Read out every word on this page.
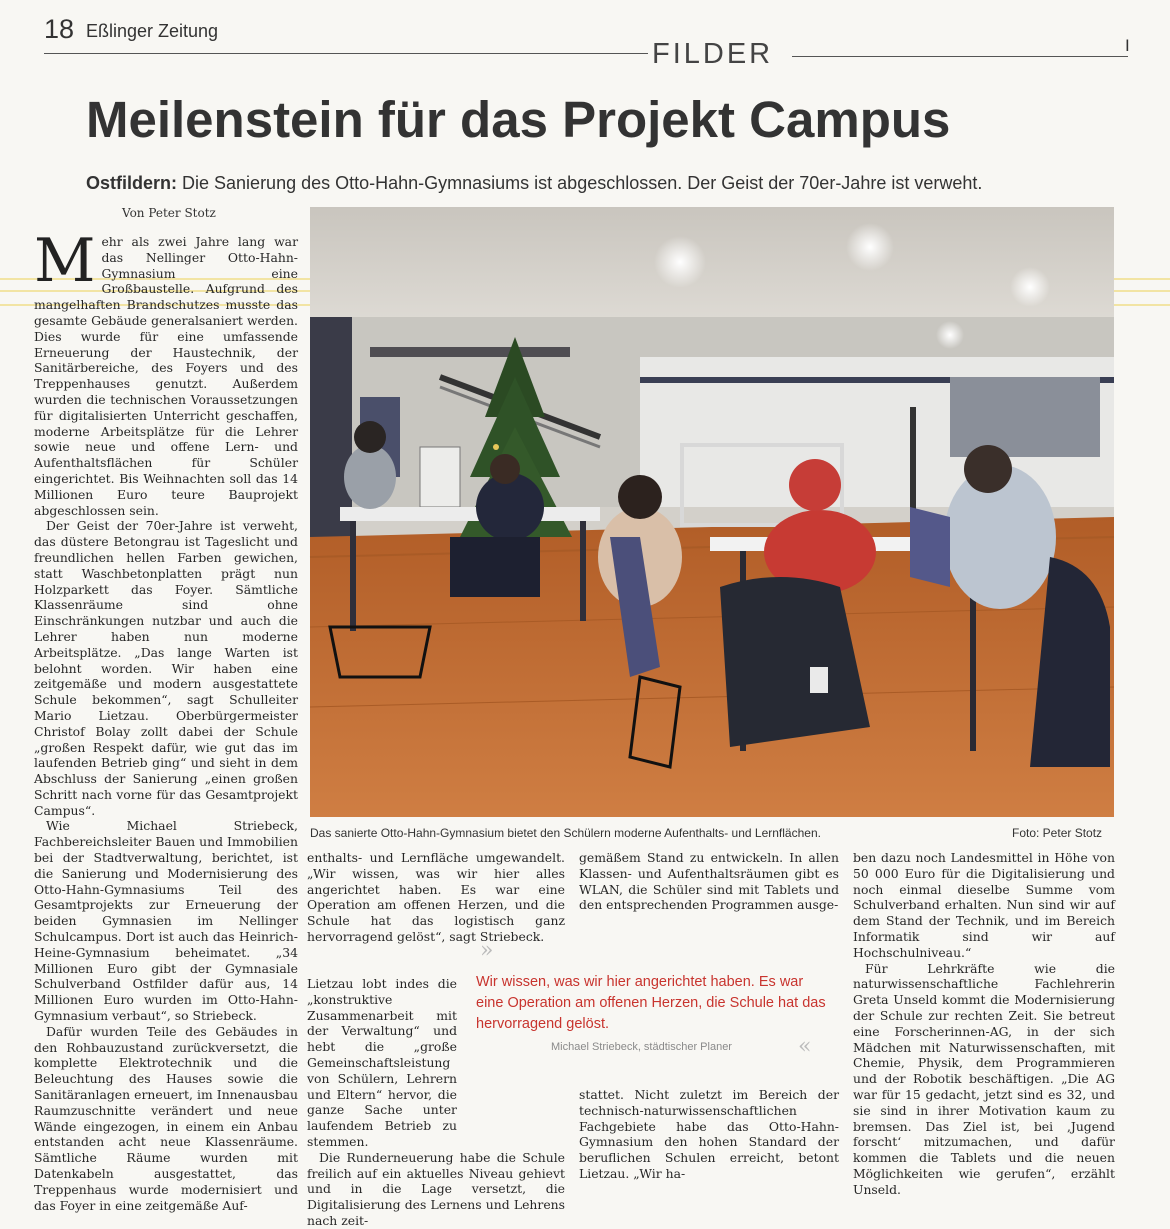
18 Eßlinger Zeitung
FILDER	I
Meilenstein für das Projekt Campus
Ostfildern: Die Sanierung des Otto-Hahn-Gymnasiums ist abgeschlossen. Der Geist der 70er-Jahre ist verweht.
Von Peter Stotz

Mehr als zwei Jahre lang war das Nellinger Otto-Hahn-Gymnasium eine Großbaustelle. Aufgrund des mangelhaften Brandschutzes musste das gesamte Gebäude generalsaniert werden. Dies wurde für eine umfassende Erneuerung der Haustechnik, der Sanitärbereiche, des Foyers und des Treppenhauses genutzt. Außerdem wurden die technischen Voraussetzungen für digitalisierten Unterricht geschaffen, moderne Arbeitsplätze für die Lehrer sowie neue und offene Lern- und Aufenthaltsflächen für Schüler eingerichtet. Bis Weihnachten soll das 14 Millionen Euro teure Bauprojekt abgeschlossen sein.

Der Geist der 70er-Jahre ist verweht, das düstere Betongrau ist Tageslicht und freundlichen hellen Farben gewichen, statt Waschbetonplatten prägt nun Holzparkett das Foyer. Sämtliche Klassenräume sind ohne Einschränkungen nutzbar und auch die Lehrer haben nun moderne Arbeitsplätze. „Das lange Warten ist belohnt worden. Wir haben eine zeitgemäße und modern ausgestattete Schule bekommen“, sagt Schulleiter Mario Lietzau. Oberbürgermeister Christof Bolay zollt dabei der Schule „großen Respekt dafür, wie gut das im laufenden Betrieb ging“ und sieht in dem Abschluss der Sanierung „einen großen Schritt nach vorne für das Gesamtprojekt Campus“.

Wie Michael Striebeck, Fachbereichsleiter Bauen und Immobilien bei der Stadtverwaltung, berichtet, ist die Sanierung und Modernisierung des Otto-Hahn-Gymnasiums Teil des Gesamtprojekts zur Erneuerung der beiden Gymnasien im Nellinger Schulcampus. Dort ist auch das Heinrich-Heine-Gymnasium beheimatet. „34 Millionen Euro gibt der Gymnasiale Schulverband Ostfilder dafür aus, 14 Millionen Euro wurden im Otto-Hahn-Gymnasium verbaut“, so Striebeck.

Dafür wurden Teile des Gebäudes in den Rohbauzustand zurückversetzt, die komplette Elektrotechnik und die Beleuchtung des Hauses sowie die Sanitäranlagen erneuert, im Innenausbau Raumzuschnitte verändert und neue Wände eingezogen, in einem ein Anbau entstanden acht neue Klassenräume. Sämtliche Räume wurden mit Datenkabeln ausgestattet, das Treppenhaus wurde modernisiert und das Foyer in eine zeitgemäße Auf-

Das sanierte Otto-Hahn-Gymnasium bietet den Schülern moderne Aufenthalts- und Lernflächen.	Foto: Peter Stotz

enthalts- und Lernfläche umgewandelt. „Wir wissen, was wir hier alles angerichtet haben. Es war eine Operation am offenen Herzen, und die Schule hat das logistisch ganz hervorragend gelöst“, sagt Striebeck.

Lietzau lobt indes die „konstruktive Zusammenarbeit mit der Verwaltung“ und hebt die „große Gemeinschaftsleistung von Schülern, Lehrern und Eltern“ hervor, die ganze Sache unter laufendem Betrieb zu stemmen.

Die Runderneuerung habe die Schule freilich auf ein aktuelles Niveau gehievt und in die Lage versetzt, die Digitalisierung des Lernens und Lehrens nach zeit-

gemäßem Stand zu entwickeln. In allen Klassen- und Aufenthaltsräumen gibt es WLAN, die Schüler sind mit Tablets und den entsprechenden Programmen ausge-

stattet. Nicht zuletzt im Bereich der technisch-naturwissenschaftlichen Fachgebiete habe das Otto-Hahn-Gymnasium den hohen Standard der beruflichen Schulen erreicht, betont Lietzau. „Wir ha-

»
Wir wissen, was wir hier angerichtet haben. Es war eine Operation am offenen Herzen, die Schule hat das hervorragend gelöst.
Michael Striebeck, städtischer Planer	«

ben dazu noch Landesmittel in Höhe von 50 000 Euro für die Digitalisierung und noch einmal dieselbe Summe vom Schulverband erhalten. Nun sind wir auf dem Stand der Technik, und im Bereich Informatik sind wir auf Hochschulniveau.“

Für Lehrkräfte wie die naturwissenschaftliche Fachlehrerin Greta Unseld kommt die Modernisierung der Schule zur rechten Zeit. Sie betreut eine Forscherinnen-AG, in der sich Mädchen mit Naturwissenschaften, mit Chemie, Physik, dem Programmieren und der Robotik beschäftigen. „Die AG war für 15 gedacht, jetzt sind es 32, und sie sind in ihrer Motivation kaum zu bremsen. Das Ziel ist, bei ‚Jugend forscht‘ mitzumachen, und dafür kommen die Tablets und die neuen Möglichkeiten wie gerufen“, erzählt Unseld.
